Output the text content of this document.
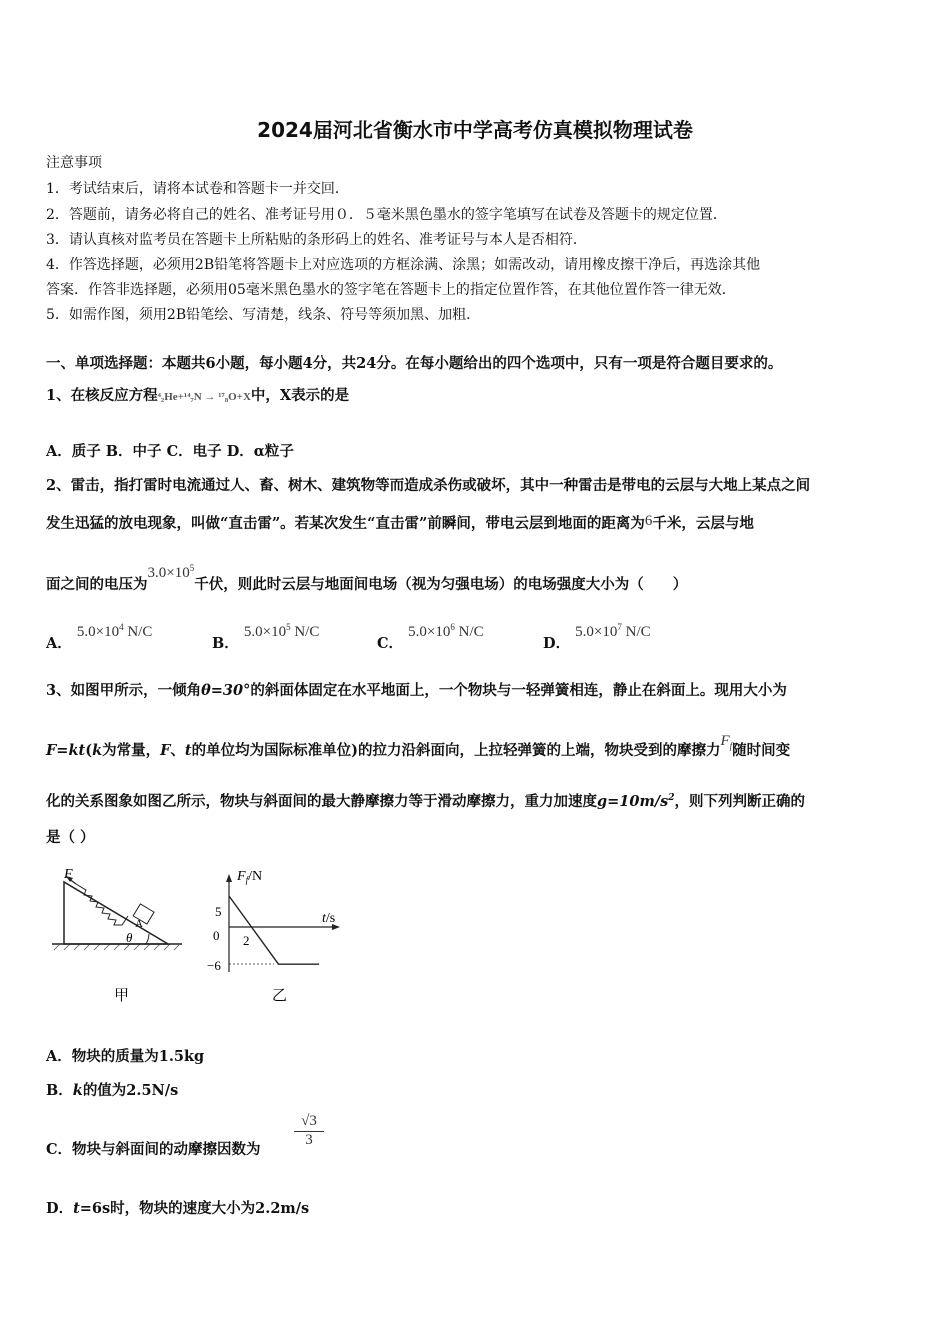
2024届河北省衡水市中学高考仿真模拟物理试卷
注意事项
1．考试结束后，请将本试卷和答题卡一并交回．
2．答题前，请务必将自己的姓名、准考证号用０．５毫米黑色墨水的签字笔填写在试卷及答题卡的规定位置．
3．请认真核对监考员在答题卡上所粘贴的条形码上的姓名、准考证号与本人是否相符．
4．作答选择题，必须用2B铅笔将答题卡上对应选项的方框涂满、涂黑；如需改动，请用橡皮擦干净后，再选涂其他
答案．作答非选择题，必须用05毫米黑色墨水的签字笔在答题卡上的指定位置作答，在其他位置作答一律无效．
5．如需作图，须用2B铅笔绘、写清楚，线条、符号等须加黑、加粗．
一、单项选择题：本题共6小题，每小题4分，共24分。在每小题给出的四个选项中，只有一项是符合题目要求的。
1、在核反应方程⁴₂He+¹⁴₇N → ¹⁷₈O+X中，X表示的是
A．质子 B．中子 C．电子 D．α粒子
2、雷击，指打雷时电流通过人、畜、树木、建筑物等而造成杀伤或破坏，其中一种雷击是带电的云层与大地上某点之间
发生迅猛的放电现象，叫做“直击雷”。若某次发生“直击雷”前瞬间，带电云层到地面的距离为6千米，云层与地
面之间的电压为$3.0\times 10^5$千伏，则此时云层与地面间电场（视为匀强电场）的电场强度大小为（　　）
A． $5.0\times 10^4$ N/C
B． $5.0\times 10^5$ N/C
C． $5.0\times 10^6$ N/C
D． $5.0\times 10^7$ N/C
3、如图甲所示，一倾角θ=30°的斜面体固定在水平地面上，一个物块与一轻弹簧相连，静止在斜面上。现用大小为
F=kt(k为常量，F、t的单位均为国际标准单位)的拉力沿斜面向，上拉轻弹簧的上端，物块受到的摩擦力$F_f$随时间变
化的关系图象如图乙所示，物块与斜面间的最大静摩擦力等于滑动摩擦力，重力加速度$g=10m/s^2$，则下列判断正确的
是（ ）
θ
A
F
甲
$F_f/N$
t/s
5
0
−6
2
乙
A．物块的质量为1.5kg
B．k的值为2.5N/s
C．物块与斜面间的动摩擦因数为
$\frac{√3}{3}$
D．t=6s时，物块的速度大小为2.2m/s
